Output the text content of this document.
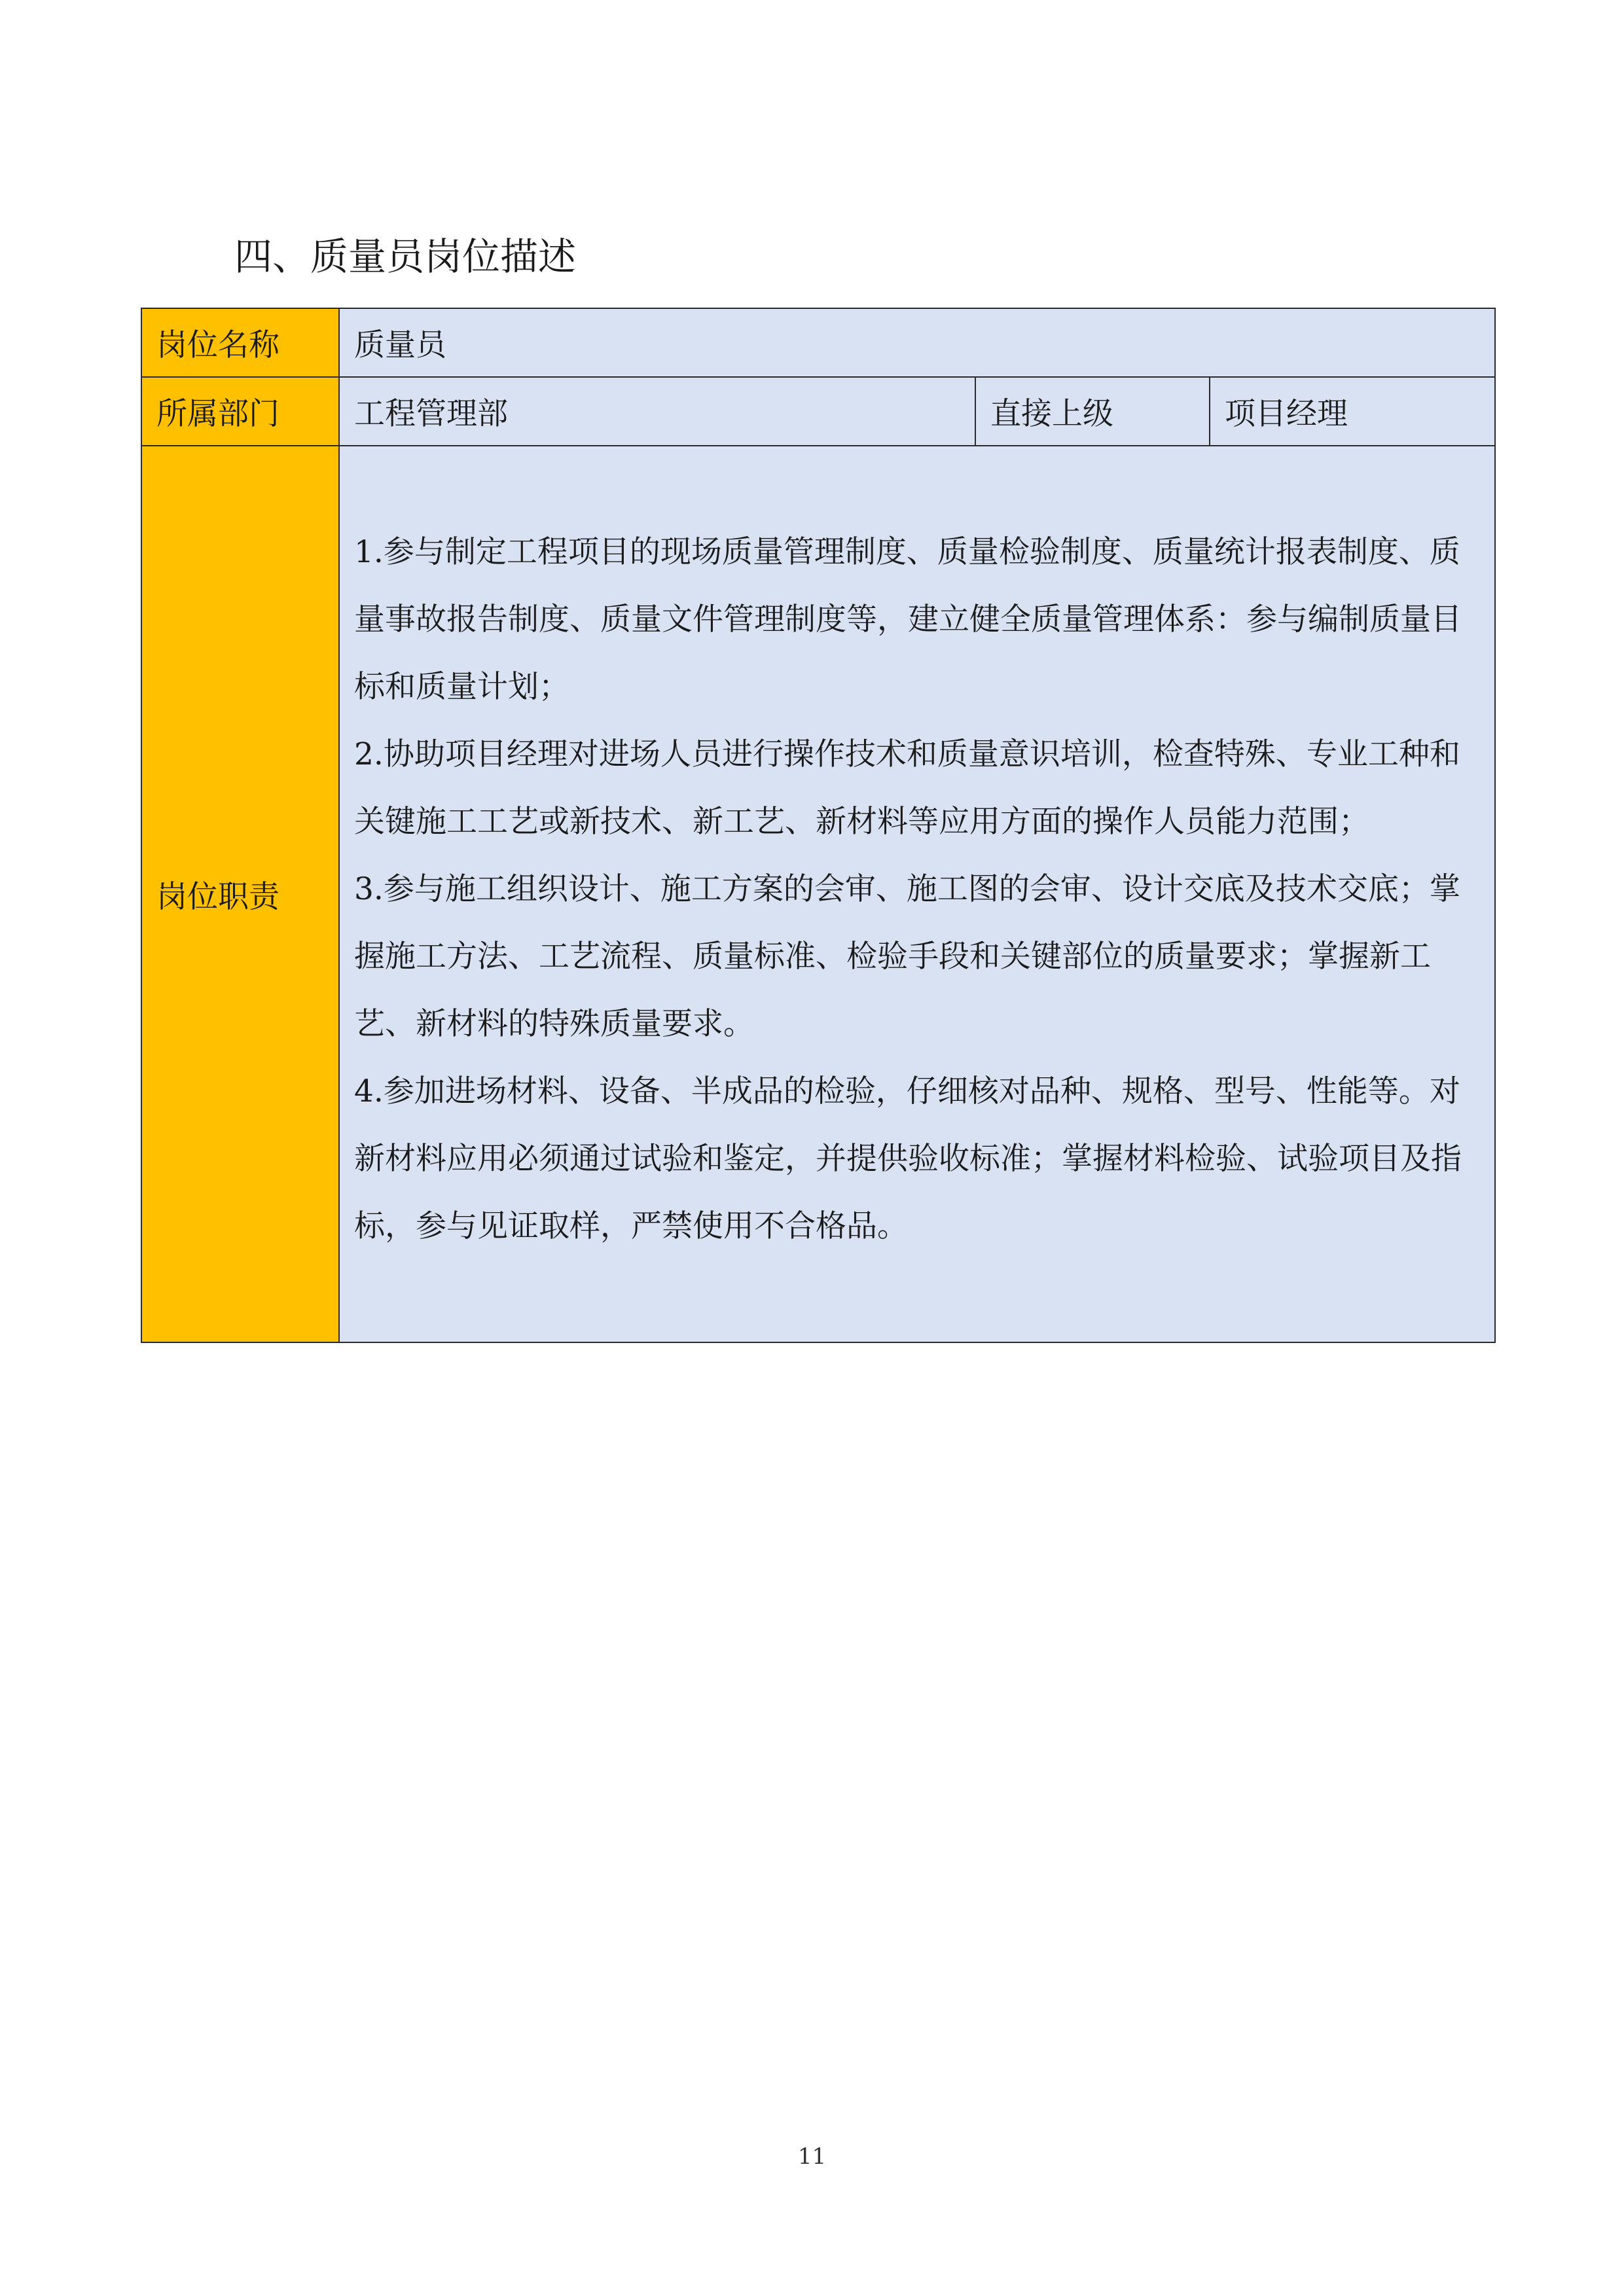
四、质量员岗位描述
岗位名称	质量员		
所属部门	工程管理部	直接上级	项目经理
岗位职责	1.参与制定工程项目的现场质量管理制度、质量检验制度、质量统计报表制度、质量事故报告制度、质量文件管理制度等，建立健全质量管理体系：参与编制质量目标和质量计划；

2.协助项目经理对进场人员进行操作技术和质量意识培训，检查特殊、专业工种和关键施工工艺或新技术、新工艺、新材料等应用方面的操作人员能力范围；

3.参与施工组织设计、施工方案的会审、施工图的会审、设计交底及技术交底；掌握施工方法、工艺流程、质量标准、检验手段和关键部位的质量要求；掌握新工艺、新材料的特殊质量要求。

4.参加进场材料、设备、半成品的检验，仔细核对品种、规格、型号、性能等。对新材料应用必须通过试验和鉴定，并提供验收标准；掌握材料检验、试验项目及指标，参与见证取样，严禁使用不合格品。		

11
